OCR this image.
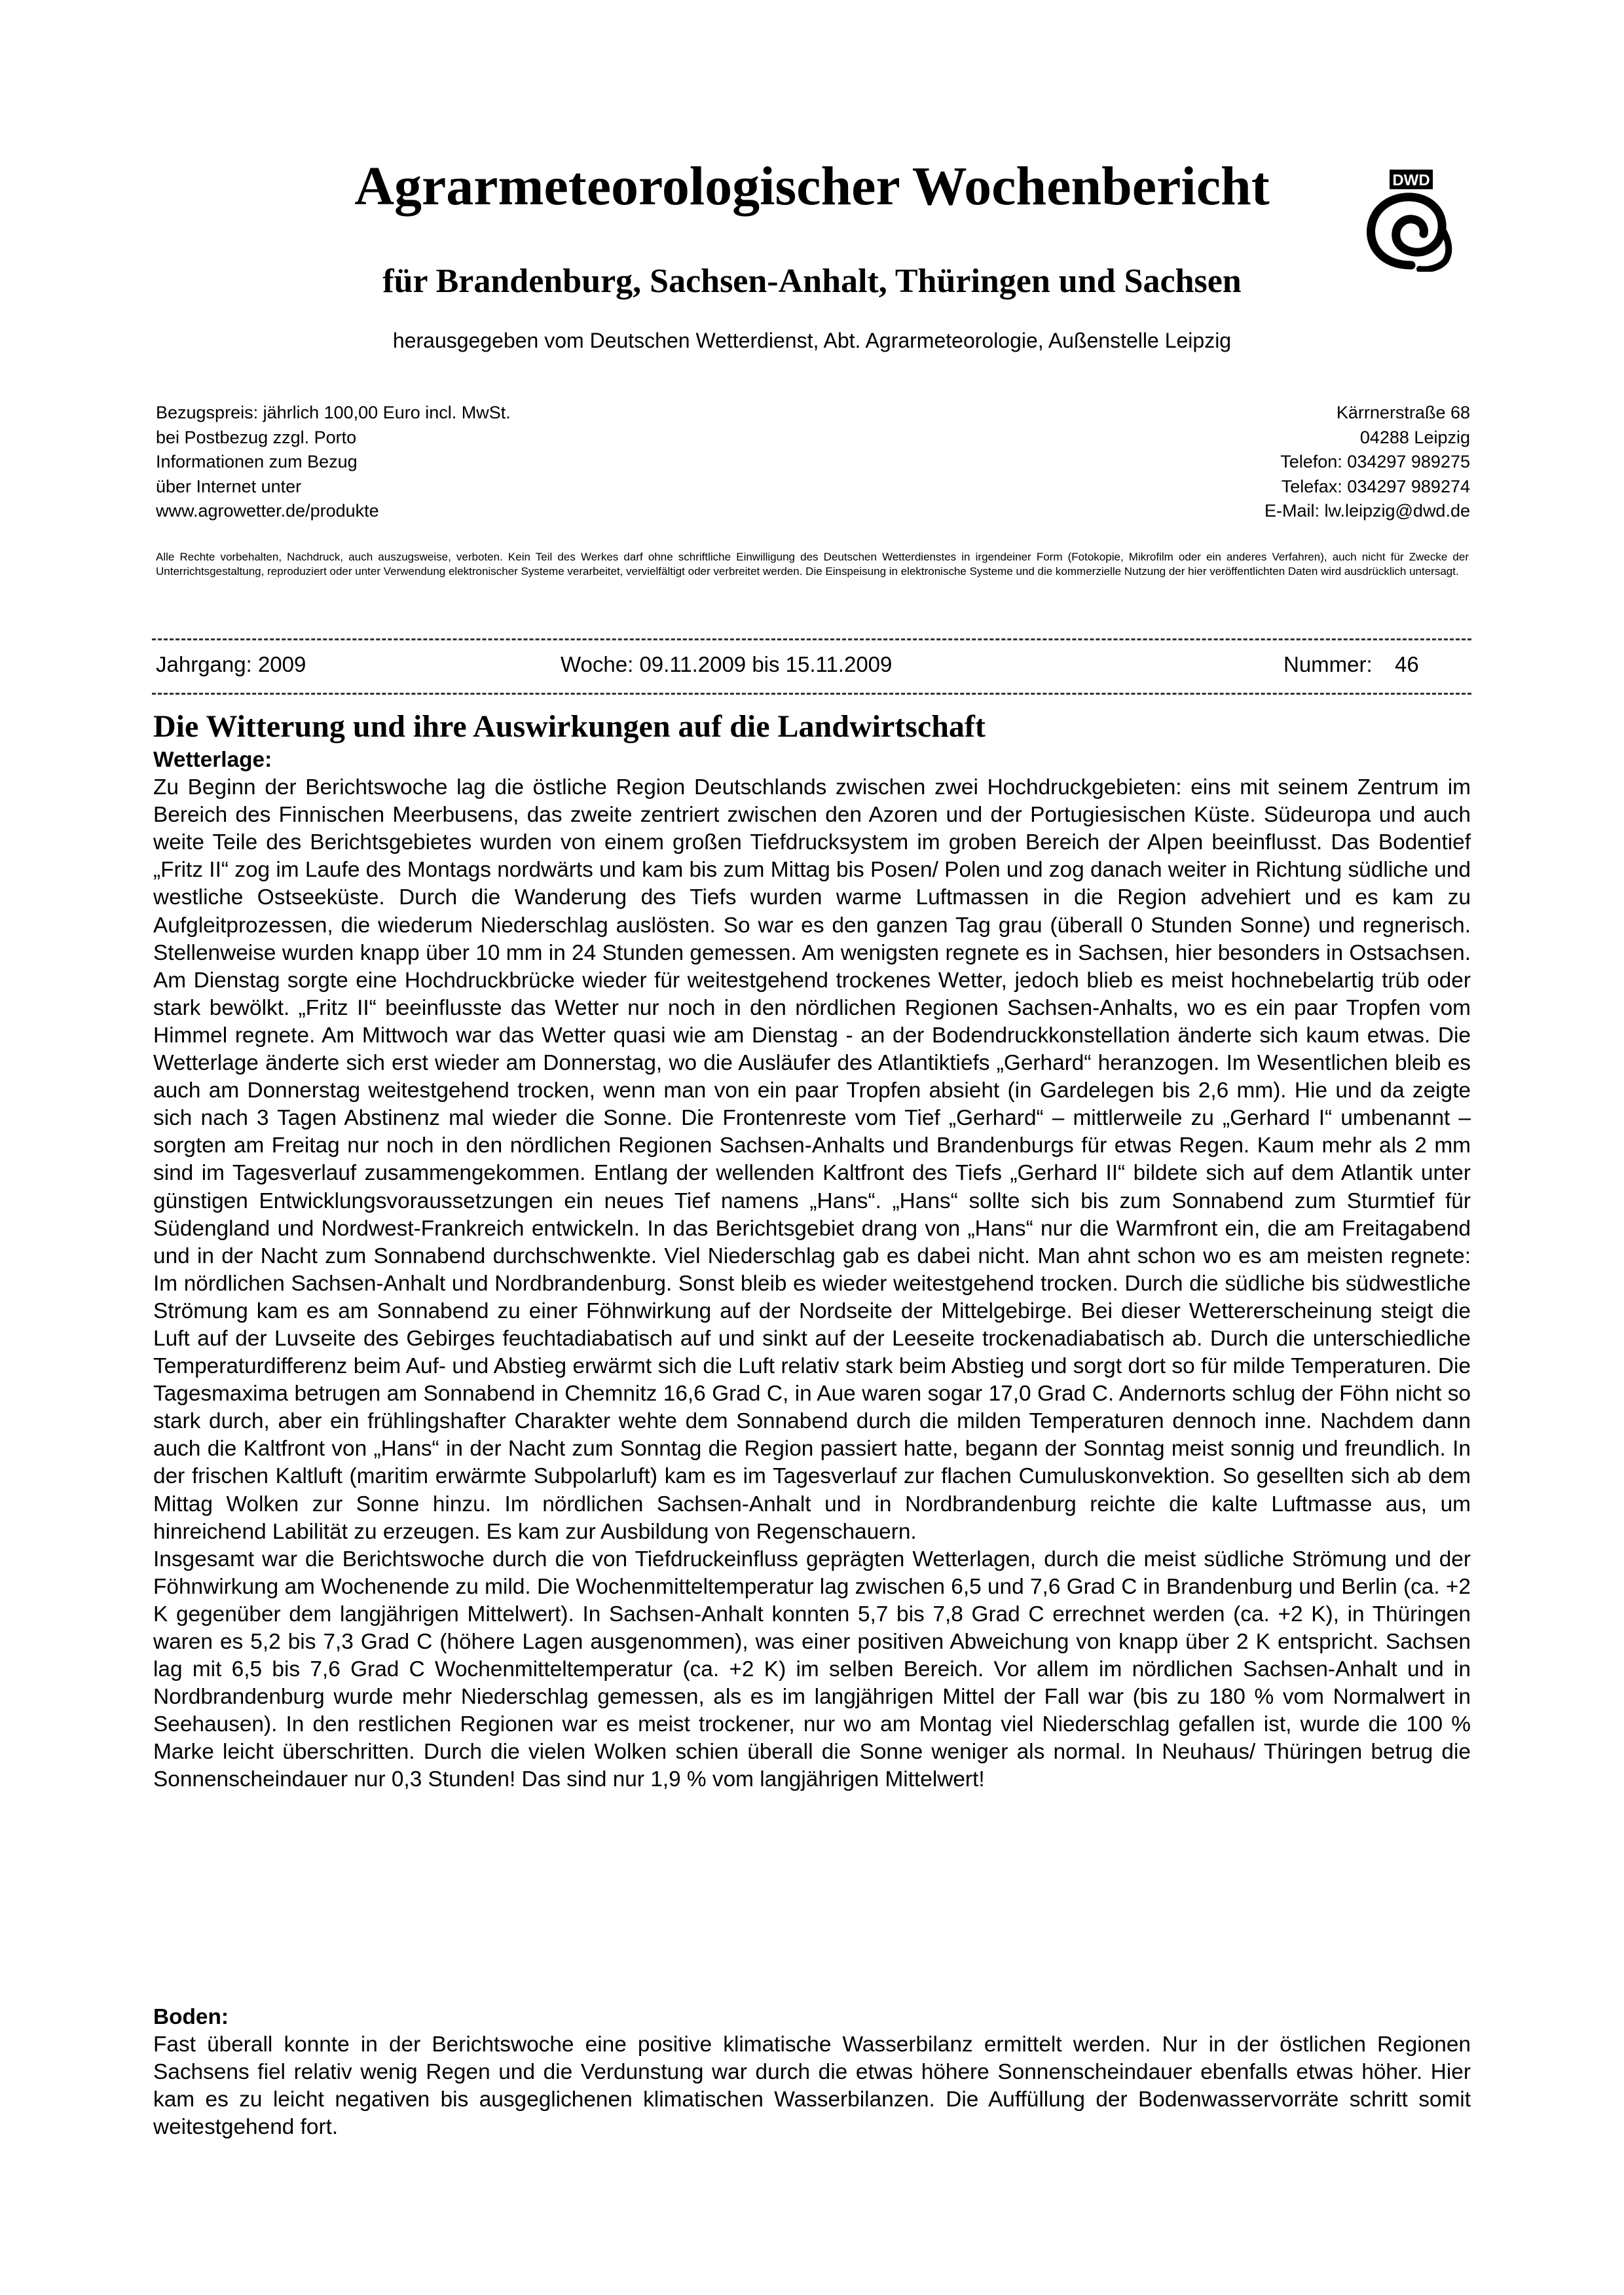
Agrarmeteorologischer Wochenbericht	DWD
für Brandenburg, Sachsen-Anhalt, Thüringen und Sachsen
herausgegeben vom Deutschen Wetterdienst, Abt. Agrarmeteorologie, Außenstelle Leipzig
Bezugspreis: jährlich 100,00 Euro incl. MwSt.
bei Postbezug zzgl. Porto
Informationen zum Bezug
über Internet unter
www.agrowetter.de/produkte
Kärrnerstraße 68
04288 Leipzig
Telefon: 034297 989275
Telefax: 034297 989274
E-Mail: lw.leipzig@dwd.de
Alle Rechte vorbehalten, Nachdruck, auch auszugsweise, verboten. Kein Teil des Werkes darf ohne schriftliche Einwilligung des Deutschen Wetterdienstes in irgendeiner Form (Fotokopie, Mikrofilm oder ein anderes Verfahren), auch nicht für Zwecke der Unterrichtsgestaltung, reproduziert oder unter Verwendung elektronischer Systeme verarbeitet, vervielfältigt oder verbreitet werden. Die Einspeisung in elektronische Systeme und die kommerzielle Nutzung der hier veröffentlichten Daten wird ausdrücklich untersagt.
Jahrgang: 2009	Woche: 09.11.2009 bis 15.11.2009	Nummer: 46
Die Witterung und ihre Auswirkungen auf die Landwirtschaft

Wetterlage:

Zu Beginn der Berichtswoche lag die östliche Region Deutschlands zwischen zwei Hochdruckgebieten: eins mit seinem Zentrum im Bereich des Finnischen Meerbusens, das zweite zentriert zwischen den Azoren und der Portugiesischen Küste. Südeuropa und auch weite Teile des Berichtsgebietes wurden von einem großen Tiefdrucksystem im groben Bereich der Alpen beeinflusst. Das Bodentief „Fritz II“ zog im Laufe des Montags nordwärts und kam bis zum Mittag bis Posen/ Polen und zog danach weiter in Richtung südliche und westliche Ostseeküste. Durch die Wanderung des Tiefs wurden warme Luftmassen in die Region advehiert und es kam zu Aufgleitprozessen, die wiederum Niederschlag auslösten. So war es den ganzen Tag grau (überall 0 Stunden Sonne) und regnerisch. Stellenweise wurden knapp über 10 mm in 24 Stunden gemessen. Am wenigsten regnete es in Sachsen, hier besonders in Ostsachsen. Am Dienstag sorgte eine Hochdruckbrücke wieder für weitestgehend trockenes Wetter, jedoch blieb es meist hochnebelartig trüb oder stark bewölkt. „Fritz II“ beeinflusste das Wetter nur noch in den nördlichen Regionen Sachsen-Anhalts, wo es ein paar Tropfen vom Himmel regnete. Am Mittwoch war das Wetter quasi wie am Dienstag - an der Bodendruckkonstellation änderte sich kaum etwas. Die Wetterlage änderte sich erst wieder am Donnerstag, wo die Ausläufer des Atlantiktiefs „Gerhard“ heranzogen. Im Wesentlichen bleib es auch am Donnerstag weitestgehend trocken, wenn man von ein paar Tropfen absieht (in Gardelegen bis 2,6 mm). Hie und da zeigte sich nach 3 Tagen Abstinenz mal wieder die Sonne. Die Frontenreste vom Tief „Gerhard“ – mittlerweile zu „Gerhard I“ umbenannt – sorgten am Freitag nur noch in den nördlichen Regionen Sachsen-Anhalts und Brandenburgs für etwas Regen. Kaum mehr als 2 mm sind im Tagesverlauf zusammengekommen. Entlang der wellenden Kaltfront des Tiefs „Gerhard II“ bildete sich auf dem Atlantik unter günstigen Entwicklungsvoraussetzungen ein neues Tief namens „Hans“. „Hans“ sollte sich bis zum Sonnabend zum Sturmtief für Südengland und Nordwest-Frankreich entwickeln. In das Berichtsgebiet drang von „Hans“ nur die Warmfront ein, die am Freitagabend und in der Nacht zum Sonnabend durchschwenkte. Viel Niederschlag gab es dabei nicht. Man ahnt schon wo es am meisten regnete: Im nördlichen Sachsen-Anhalt und Nordbrandenburg. Sonst bleib es wieder weitestgehend trocken. Durch die südliche bis südwestliche Strömung kam es am Sonnabend zu einer Föhnwirkung auf der Nordseite der Mittelgebirge. Bei dieser Wettererscheinung steigt die Luft auf der Luvseite des Gebirges feuchtadiabatisch auf und sinkt auf der Leeseite trockenadiabatisch ab. Durch die unterschiedliche Temperaturdifferenz beim Auf- und Abstieg erwärmt sich die Luft relativ stark beim Abstieg und sorgt dort so für milde Temperaturen. Die Tagesmaxima betrugen am Sonnabend in Chemnitz 16,6 Grad C, in Aue waren sogar 17,0 Grad C. Andernorts schlug der Föhn nicht so stark durch, aber ein frühlingshafter Charakter wehte dem Sonnabend durch die milden Temperaturen dennoch inne. Nachdem dann auch die Kaltfront von „Hans“ in der Nacht zum Sonntag die Region passiert hatte, begann der Sonntag meist sonnig und freundlich. In der frischen Kaltluft (maritim erwärmte Subpolarluft) kam es im Tagesverlauf zur flachen Cumuluskonvektion. So gesellten sich ab dem Mittag Wolken zur Sonne hinzu. Im nördlichen Sachsen-Anhalt und in Nordbrandenburg reichte die kalte Luftmasse aus, um hinreichend Labilität zu erzeugen. Es kam zur Ausbildung von Regenschauern.

Insgesamt war die Berichtswoche durch die von Tiefdruckeinfluss geprägten Wetterlagen, durch die meist südliche Strömung und der Föhnwirkung am Wochenende zu mild. Die Wochenmitteltemperatur lag zwischen 6,5 und 7,6 Grad C in Brandenburg und Berlin (ca. +2 K gegenüber dem langjährigen Mittelwert). In Sachsen-Anhalt konnten 5,7 bis 7,8 Grad C errechnet werden (ca. +2 K), in Thüringen waren es 5,2 bis 7,3 Grad C (höhere Lagen ausgenommen), was einer positiven Abweichung von knapp über 2 K entspricht. Sachsen lag mit 6,5 bis 7,6 Grad C Wochenmitteltemperatur (ca. +2 K) im selben Bereich. Vor allem im nördlichen Sachsen-Anhalt und in Nordbrandenburg wurde mehr Niederschlag gemessen, als es im langjährigen Mittel der Fall war (bis zu 180 % vom Normalwert in Seehausen). In den restlichen Regionen war es meist trockener, nur wo am Montag viel Niederschlag gefallen ist, wurde die 100 % Marke leicht überschritten. Durch die vielen Wolken schien überall die Sonne weniger als normal. In Neuhaus/ Thüringen betrug die Sonnenscheindauer nur 0,3 Stunden! Das sind nur 1,9 % vom langjährigen Mittelwert!

Boden:

Fast überall konnte in der Berichtswoche eine positive klimatische Wasserbilanz ermittelt werden. Nur in der östlichen Regionen Sachsens fiel relativ wenig Regen und die Verdunstung war durch die etwas höhere Sonnenscheindauer ebenfalls etwas höher. Hier kam es zu leicht negativen bis ausgeglichenen klimatischen Wasserbilanzen. Die Auffüllung der Bodenwasservorräte schritt somit weitestgehend fort.
